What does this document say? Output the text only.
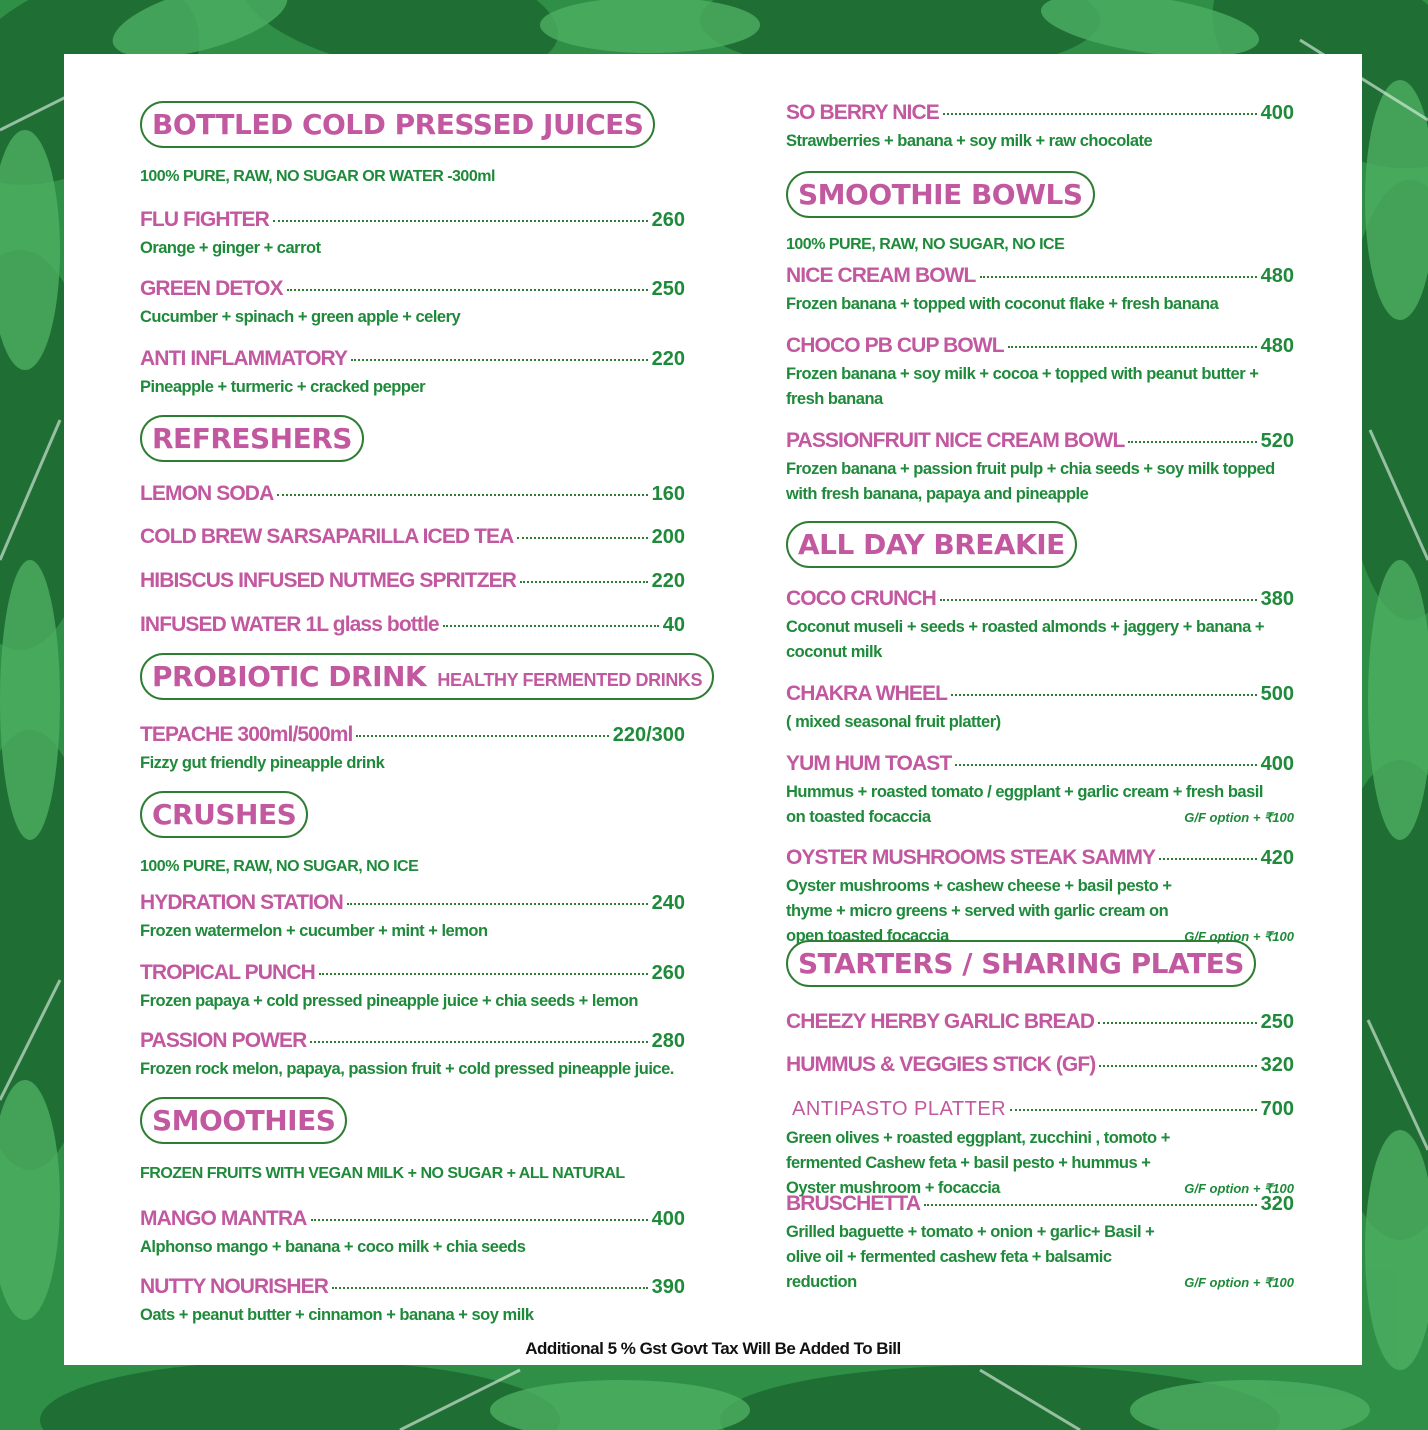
BOTTLED COLD PRESSED JUICES
100% PURE, RAW, NO SUGAR OR WATER -300ml
FLU FIGHTER	260
Orange + ginger + carrot
GREEN DETOX	250
Cucumber + spinach + green apple + celery
ANTI INFLAMMATORY	220
Pineapple + turmeric + cracked pepper
REFRESHERS
LEMON SODA	160
COLD BREW SARSAPARILLA ICED TEA	200
HIBISCUS INFUSED NUTMEG SPRITZER	220
INFUSED WATER 1L glass bottle	40
PROBIOTIC DRINK HEALTHY FERMENTED DRINKS
TEPACHE 300ml/500ml	220/300
Fizzy gut friendly pineapple drink
CRUSHES
100% PURE, RAW, NO SUGAR, NO ICE
HYDRATION STATION	240
Frozen watermelon + cucumber + mint + lemon
TROPICAL PUNCH	260
Frozen papaya + cold pressed pineapple juice + chia seeds + lemon
PASSION POWER	280
Frozen rock melon, papaya, passion fruit + cold pressed pineapple juice.
SMOOTHIES
FROZEN FRUITS WITH VEGAN MILK + NO SUGAR + ALL NATURAL
MANGO MANTRA	400
Alphonso mango + banana + coco milk + chia seeds
NUTTY NOURISHER	390
Oats + peanut butter + cinnamon + banana + soy milk
SO BERRY NICE	400
Strawberries + banana + soy milk + raw chocolate
SMOOTHIE BOWLS
100% PURE, RAW, NO SUGAR, NO ICE
NICE CREAM BOWL	480
Frozen banana + topped with coconut flake + fresh banana
CHOCO PB CUP BOWL	480
Frozen banana + soy milk + cocoa + topped with peanut butter + fresh banana
PASSIONFRUIT NICE CREAM BOWL	520
Frozen banana + passion fruit pulp + chia seeds + soy milk topped with fresh banana, papaya and pineapple
ALL DAY BREAKIE
COCO CRUNCH	380
Coconut museli + seeds + roasted almonds + jaggery + banana + coconut milk
CHAKRA WHEEL	500
( mixed seasonal fruit platter)
YUM HUM TOAST	400
Hummus + roasted tomato / eggplant + garlic cream + fresh basil on toasted focaccia	G/F option + ₹100
OYSTER MUSHROOMS STEAK SAMMY	420
Oyster mushrooms + cashew cheese + basil pesto + thyme + micro greens + served with garlic cream on open toasted focaccia	G/F option + ₹100
STARTERS / SHARING PLATES
CHEEZY HERBY GARLIC BREAD	250
HUMMUS & VEGGIES STICK (GF)	320
ANTIPASTO PLATTER	700
Green olives + roasted eggplant, zucchini , tomoto + fermented Cashew feta + basil pesto + hummus + Oyster mushroom + focaccia	G/F option + ₹100
BRUSCHETTA	320
Grilled baguette + tomato + onion + garlic+ Basil + olive oil + fermented cashew feta + balsamic reduction	G/F option + ₹100
Additional 5 % Gst Govt Tax Will Be Added To Bill
